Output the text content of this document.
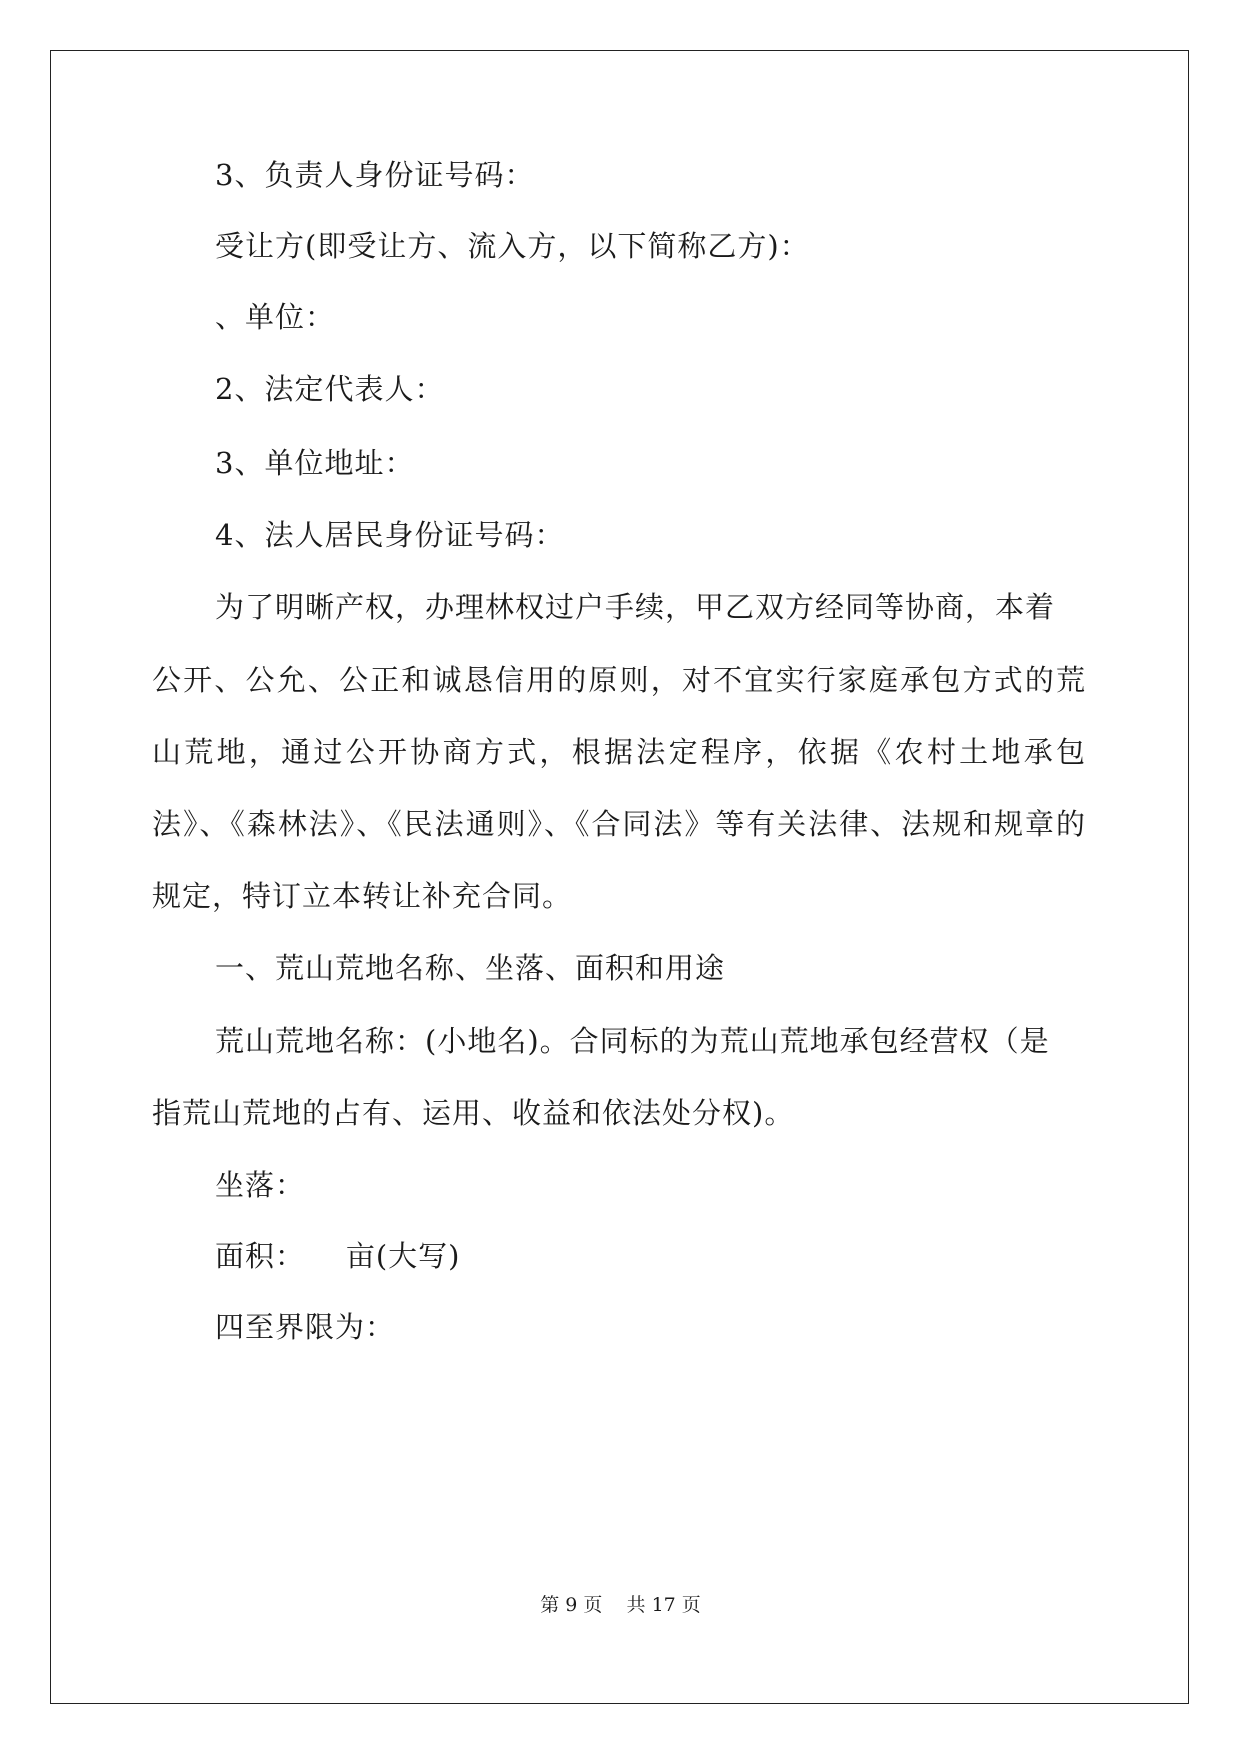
3、负责人身份证号码：
受让方(即受让方、流入方，以下简称乙方)：
、单位：
2、法定代表人：
3、单位地址：
4、法人居民身份证号码：
为了明晰产权，办理林权过户手续，甲乙双方经同等协商，本着
公开、公允、公正和诚恳信用的原则，对不宜实行家庭承包方式的荒
山荒地，通过公开协商方式，根据法定程序，依据《农村土地承包
法》、《森林法》、《民法通则》、《合同法》等有关法律、法规和规章的
规定，特订立本转让补充合同。
一、荒山荒地名称、坐落、面积和用途
荒山荒地名称：(小地名)。合同标的为荒山荒地承包经营权（是
指荒山荒地的占有、运用、收益和依法处分权)。
坐落：
面积：    亩(大写)
四至界限为：
第 9 页    共 17 页
